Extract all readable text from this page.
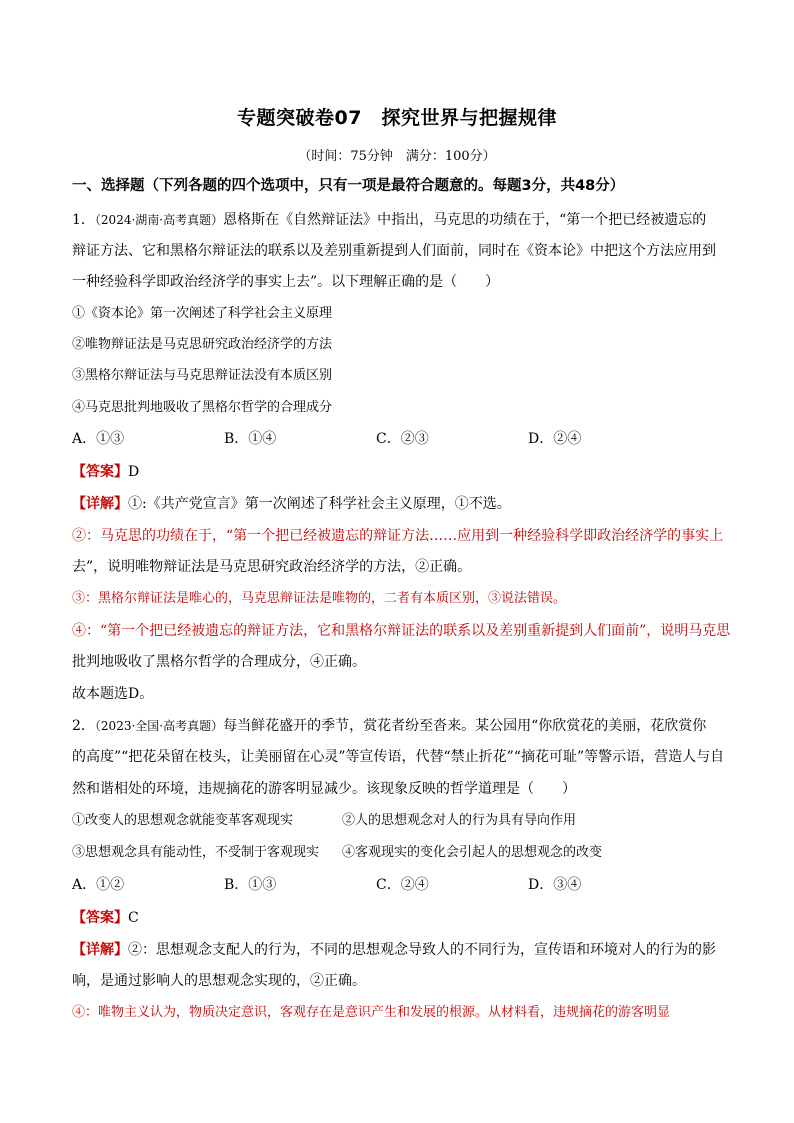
专题突破卷07　探究世界与把握规律
（时间：75分钟　满分：100分）
一、选择题（下列各题的四个选项中，只有一项是最符合题意的。每题3分，共48分）
1．（2024·湖南·高考真题）恩格斯在《自然辩证法》中指出，马克思的功绩在于，“第一个把已经被遗忘的
辩证方法、它和黑格尔辩证法的联系以及差别重新提到人们面前，同时在《资本论》中把这个方法应用到
一种经验科学即政治经济学的事实上去”。以下理解正确的是（　　）
①《资本论》第一次阐述了科学社会主义原理
②唯物辩证法是马克思研究政治经济学的方法
③黑格尔辩证法与马克思辩证法没有本质区别
④马克思批判地吸收了黑格尔哲学的合理成分
A．①③	B．①④	C．②③	D．②④
【答案】D
【详解】①:《共产党宣言》第一次阐述了科学社会主义原理，①不选。
②：马克思的功绩在于，“第一个把已经被遗忘的辩证方法……应用到一种经验科学即政治经济学的事实上
去”，说明唯物辩证法是马克思研究政治经济学的方法，②正确。
③：黑格尔辩证法是唯心的，马克思辩证法是唯物的，二者有本质区别，③说法错误。
④：“第一个把已经被遗忘的辩证方法，它和黑格尔辩证法的联系以及差别重新提到人们面前”，说明马克思
批判地吸收了黑格尔哲学的合理成分，④正确。
故本题选D。
2．（2023·全国·高考真题）每当鲜花盛开的季节，赏花者纷至沓来。某公园用“你欣赏花的美丽，花欣赏你
的高度”“把花朵留在枝头，让美丽留在心灵”等宣传语，代替“禁止折花”“摘花可耻”等警示语，营造人与自
然和谐相处的环境，违规摘花的游客明显减少。该现象反映的哲学道理是（　　）
①改变人的思想观念就能变革客观现实	②人的思想观念对人的行为具有导向作用
③思想观念具有能动性，不受制于客观现实 ④客观现实的变化会引起人的思想观念的改变
A．①②	B．①③	C．②④	D．③④
【答案】C
【详解】②：思想观念支配人的行为，不同的思想观念导致人的不同行为，宣传语和环境对人的行为的影
响，是通过影响人的思想观念实现的，②正确。
④：唯物主义认为，物质决定意识，客观存在是意识产生和发展的根源。从材料看，违规摘花的游客明显
